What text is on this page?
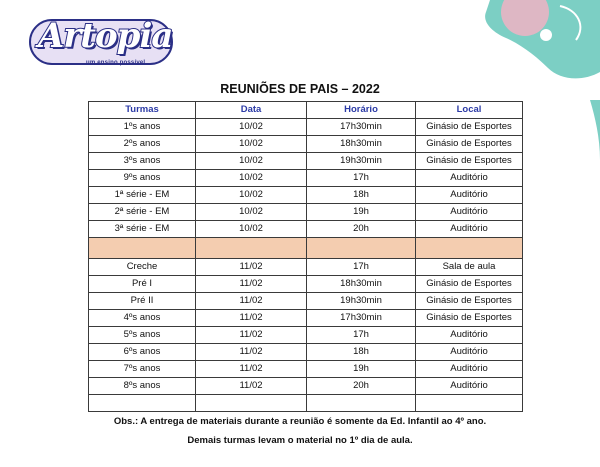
Artopia
um ensino possível
REUNIÕES DE PAIS – 2022
Turmas	Data	Horário	Local
1ºs anos	10/02	17h30min	Ginásio de Esportes
2ºs anos	10/02	18h30min	Ginásio de Esportes
3ºs anos	10/02	19h30min	Ginásio de Esportes
9ºs anos	10/02	17h	Auditório
1ª série - EM	10/02	18h	Auditório
2ª série - EM	10/02	19h	Auditório
3ª série - EM	10/02	20h	Auditório

Creche	11/02	17h	Sala de aula
Pré I	11/02	18h30min	Ginásio de Esportes
Pré II	11/02	19h30min	Ginásio de Esportes
4ºs anos	11/02	17h30min	Ginásio de Esportes
5ºs anos	11/02	17h	Auditório
6ºs anos	11/02	18h	Auditório
7ºs anos	11/02	19h	Auditório
8ºs anos	11/02	20h	Auditório

Obs.: A entrega de materiais durante a reunião é somente da Ed. Infantil ao 4º ano.
Demais turmas levam o material no 1º dia de aula.
